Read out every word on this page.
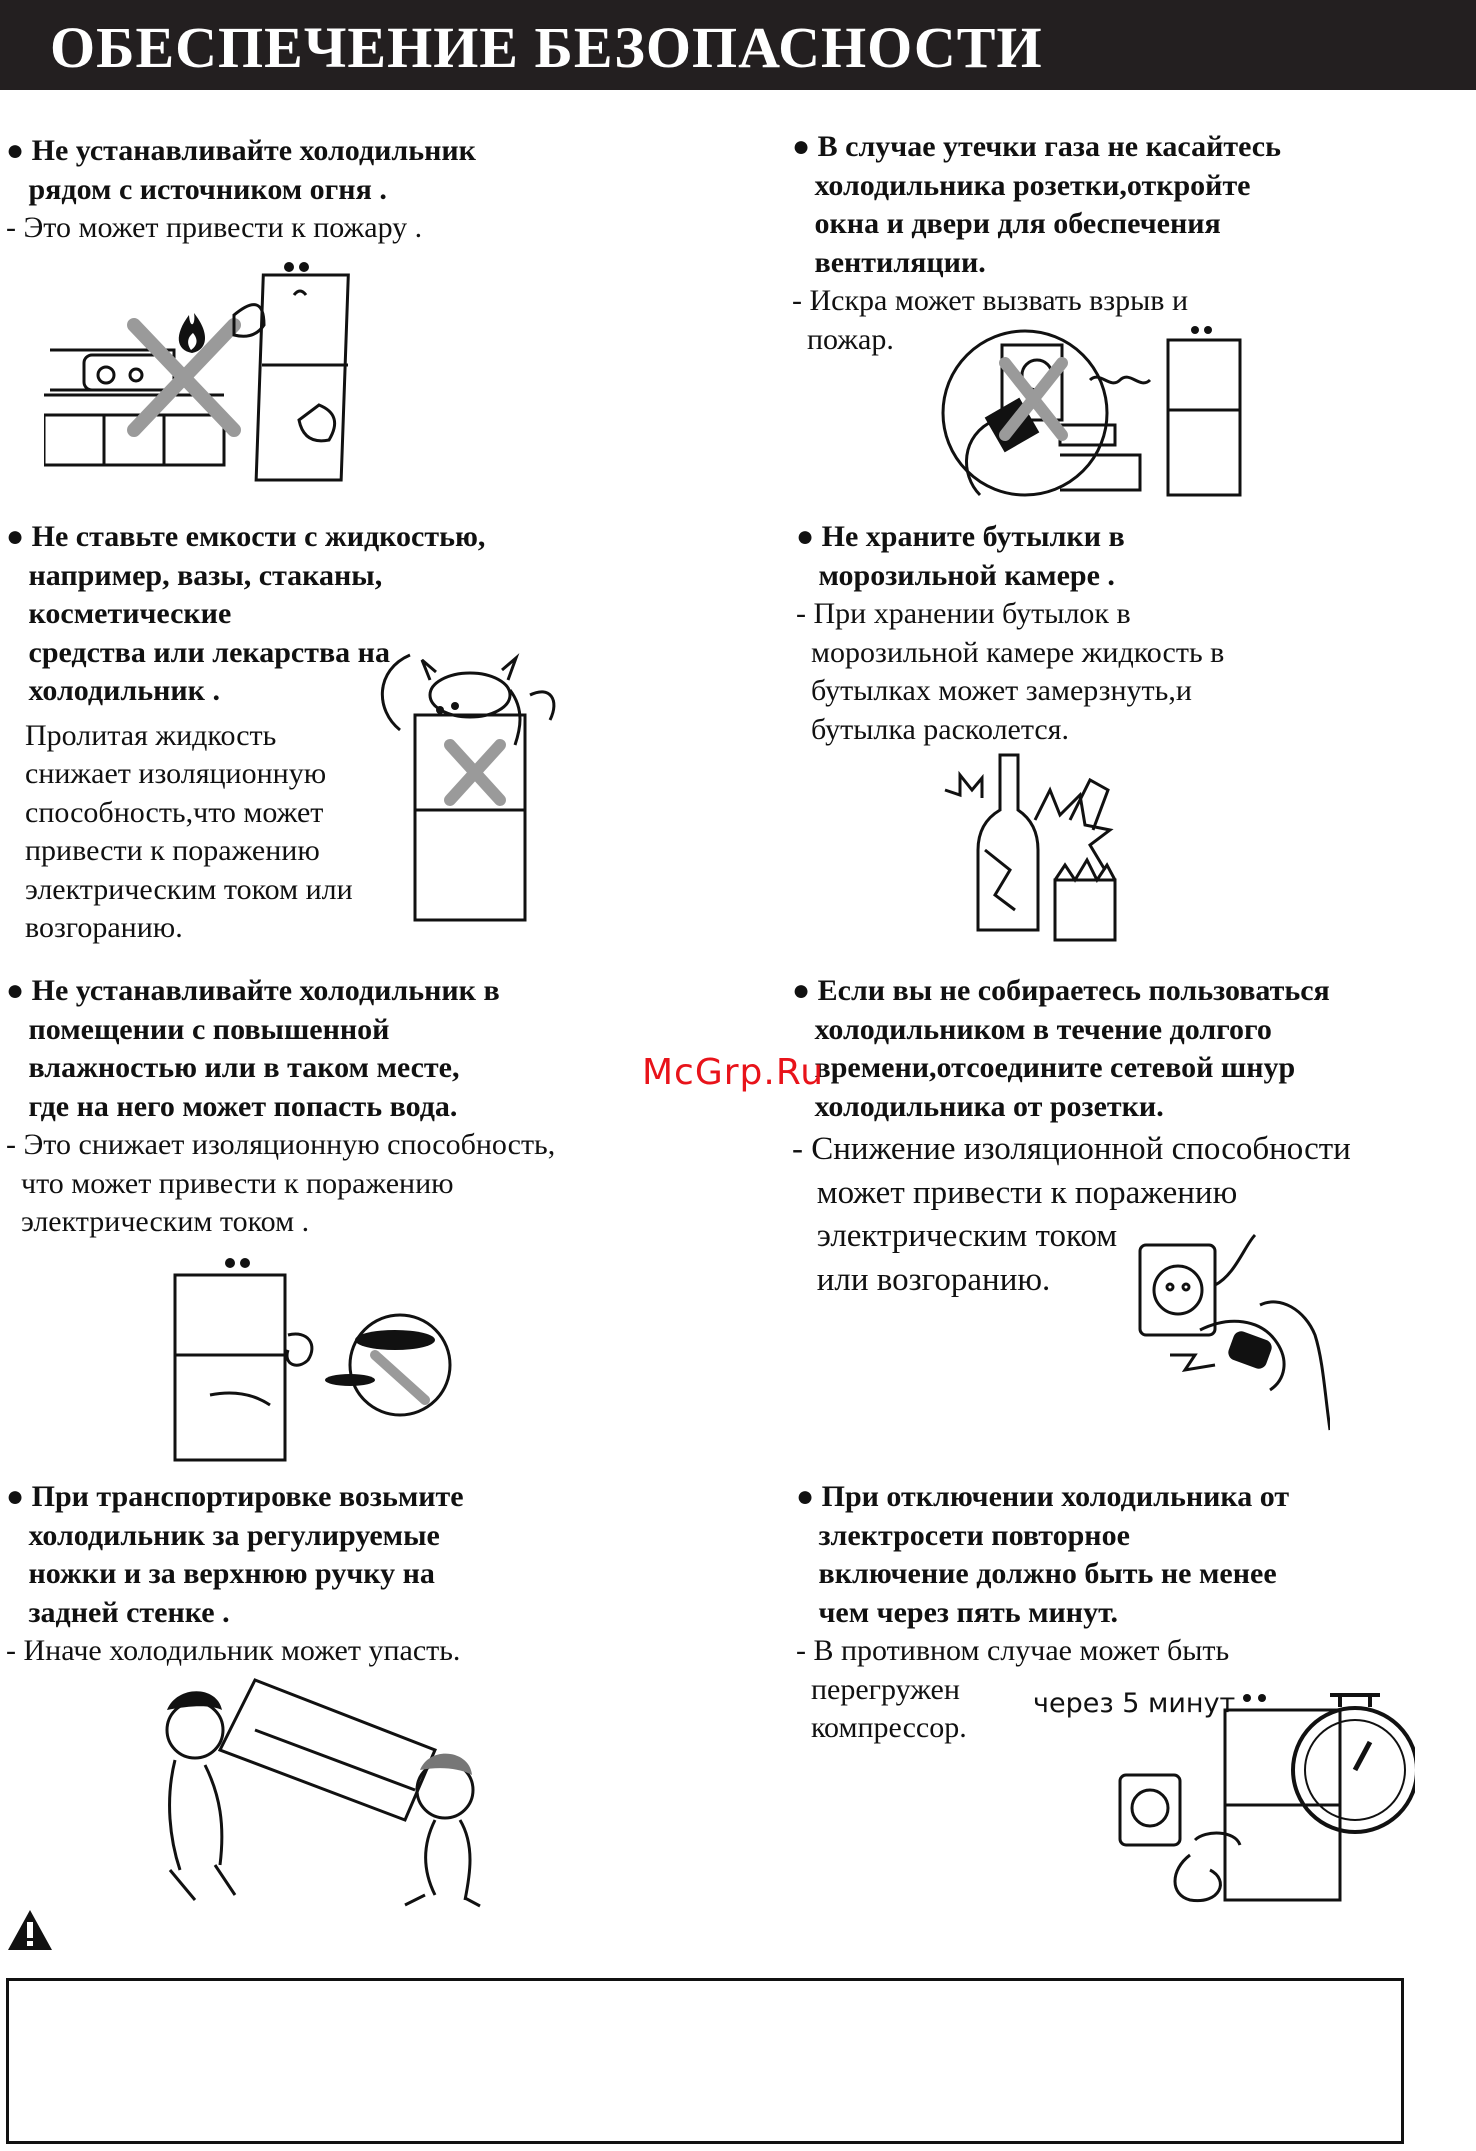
ОБЕСПЕЧЕНИЕ БЕЗОПАСНОСТИ
● Не устанавливайте холодильник
рядом с источником огня .
- Это может привести к пожару .
● В случае утечки газа не касайтесь
холодильника розетки,откройте
окна и двери для обеспечения
вентиляции.
- Искра может вызвать взрыв и
пожар.
● Не ставьте емкости с жидкостью,
например, вазы, стаканы,
косметические
средства или лекарства на
холодильник .
Пролитая жидкость
снижает изоляционную
способность,что может
привести к поражению
электрическим током или
возгоранию.
● Не храните бутылки в
морозильной камере .
- При хранении бутылок в
морозильной камере жидкость в
бутылках может замерзнуть,и
бутылка расколется.
● Не устанавливайте холодильник в
помещении с повышенной
влажностью или в таком месте,
где на него может попасть вода.
- Это снижает изоляционную способность,
что может привести к поражению
электрическим током .
● Если вы не собираетесь пользоваться
холодильником в течение долгого
времени,отсоедините сетевой шнур
холодильника от розетки.
- Снижение изоляционной способности
может привести к поражению
электрическим током
или возгоранию.
McGrp.Ru
● При транспортировке возьмите
холодильник за регулируемые
ножки и за верхнюю ручку на
задней стенке .
- Иначе холодильник может упасть.
● При отключении холодильника от
злектросети повторное
включение должно быть не менее
чем через пять минут.
- В противном случае может быть
перегружен
компрессор.
через 5 минут
